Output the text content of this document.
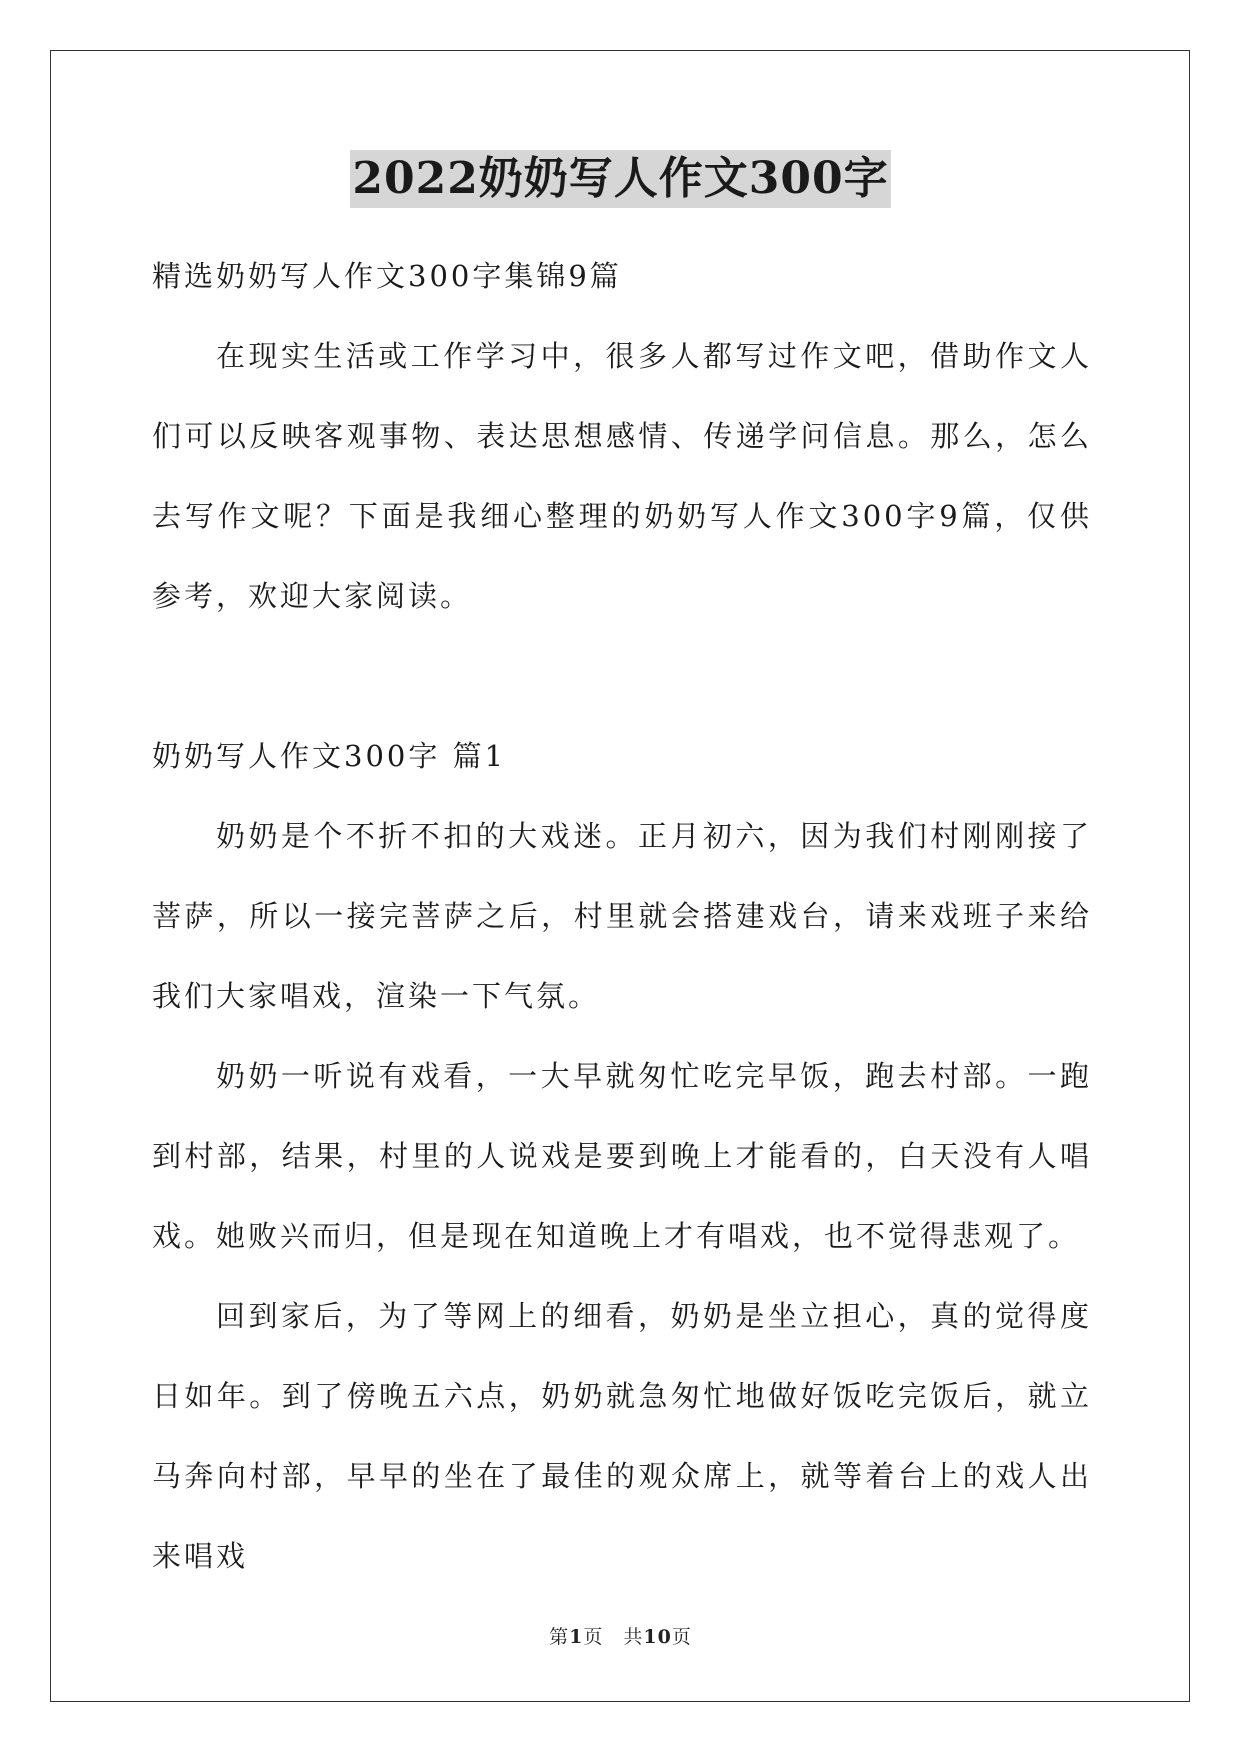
2022奶奶写人作文300字

精选奶奶写人作文300字集锦9篇

在现实生活或工作学习中，很多人都写过作文吧，借助作文人们可以反映客观事物、表达思想感情、传递学问信息。那么，怎么去写作文呢？下面是我细心整理的奶奶写人作文300字9篇，仅供参考，欢迎大家阅读。

奶奶写人作文300字 篇1

奶奶是个不折不扣的大戏迷。正月初六，因为我们村刚刚接了菩萨，所以一接完菩萨之后，村里就会搭建戏台，请来戏班子来给我们大家唱戏，渲染一下气氛。

奶奶一听说有戏看，一大早就匆忙吃完早饭，跑去村部。一跑到村部，结果，村里的人说戏是要到晚上才能看的，白天没有人唱戏。她败兴而归，但是现在知道晚上才有唱戏，也不觉得悲观了。

回到家后，为了等网上的细看，奶奶是坐立担心，真的觉得度日如年。到了傍晚五六点，奶奶就急匆忙地做好饭吃完饭后，就立马奔向村部，早早的坐在了最佳的观众席上，就等着台上的戏人出来唱戏

第1页　共10页
